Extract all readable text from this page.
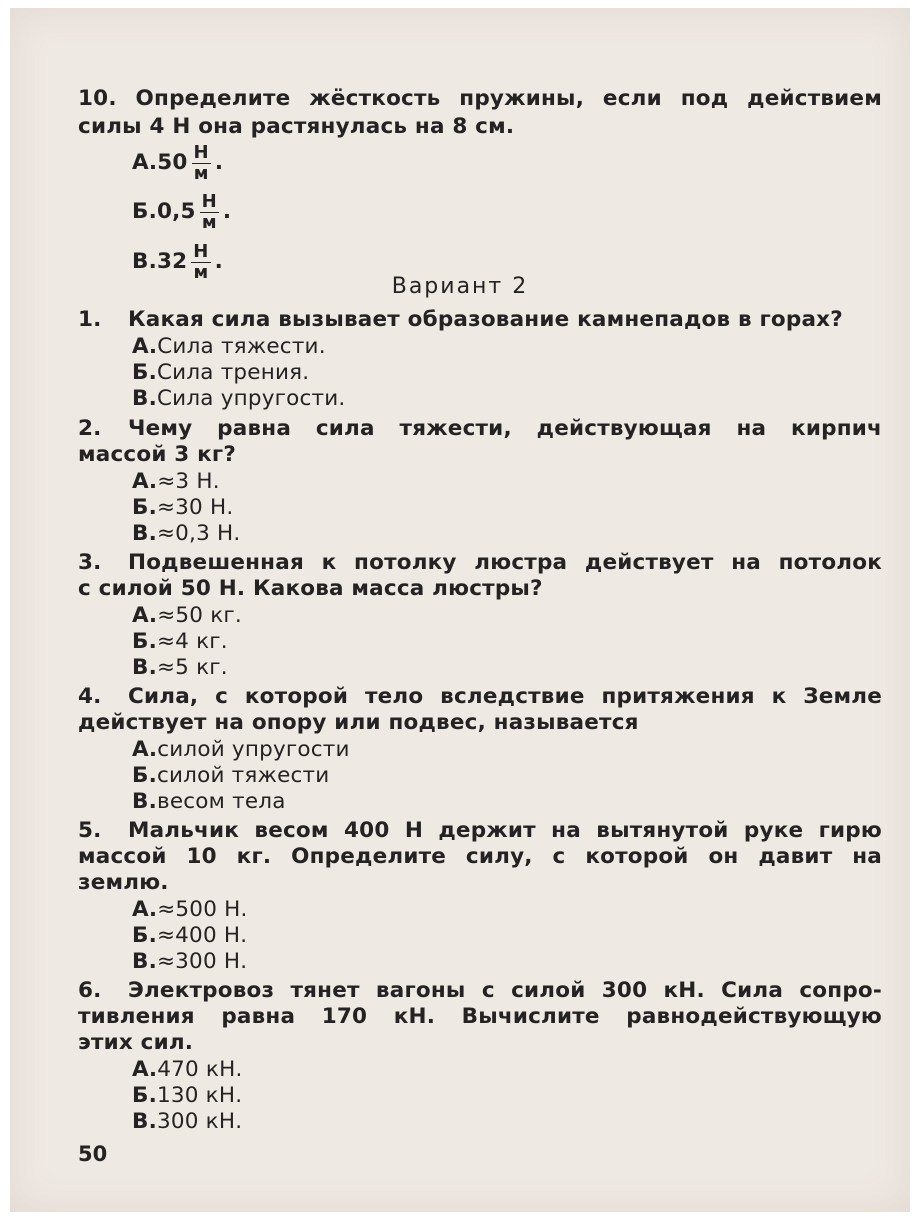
10. Определите жёсткость пружины, если под действием
силы 4 Н она растянулась на 8 см.
$А.50 \frac{Н}{м}$ .
$Б.0,5 \frac{Н}{м}$ .
$В.32 \frac{Н}{м}$ .
Вариант 2
1. Какая сила вызывает образование камнепадов в горах?
А.Сила тяжести.
Б.Сила трения.
В.Сила упругости.
2. Чему равна сила тяжести, действующая на кирпич
массой 3 кг?
А.≈3 Н.
Б.≈30 Н.
В.≈0,3 Н.
3. Подвешенная к потолку люстра действует на потолок
с силой 50 Н. Какова масса люстры?
А.≈50 кг.
Б.≈4 кг.
В.≈5 кг.
4. Сила, с которой тело вследствие притяжения к Земле
действует на опору или подвес, называется
А.силой упругости
Б.силой тяжести
В.весом тела
5. Мальчик весом 400 Н держит на вытянутой руке гирю
массой 10 кг. Определите силу, с которой он давит на
землю.
А.≈500 Н.
Б.≈400 Н.
В.≈300 Н.
6. Электровоз тянет вагоны с силой 300 кН. Сила сопро-
тивления равна 170 кН. Вычислите равнодействующую
этих сил.
А.470 кН.
Б.130 кН.
В.300 кН.
50
